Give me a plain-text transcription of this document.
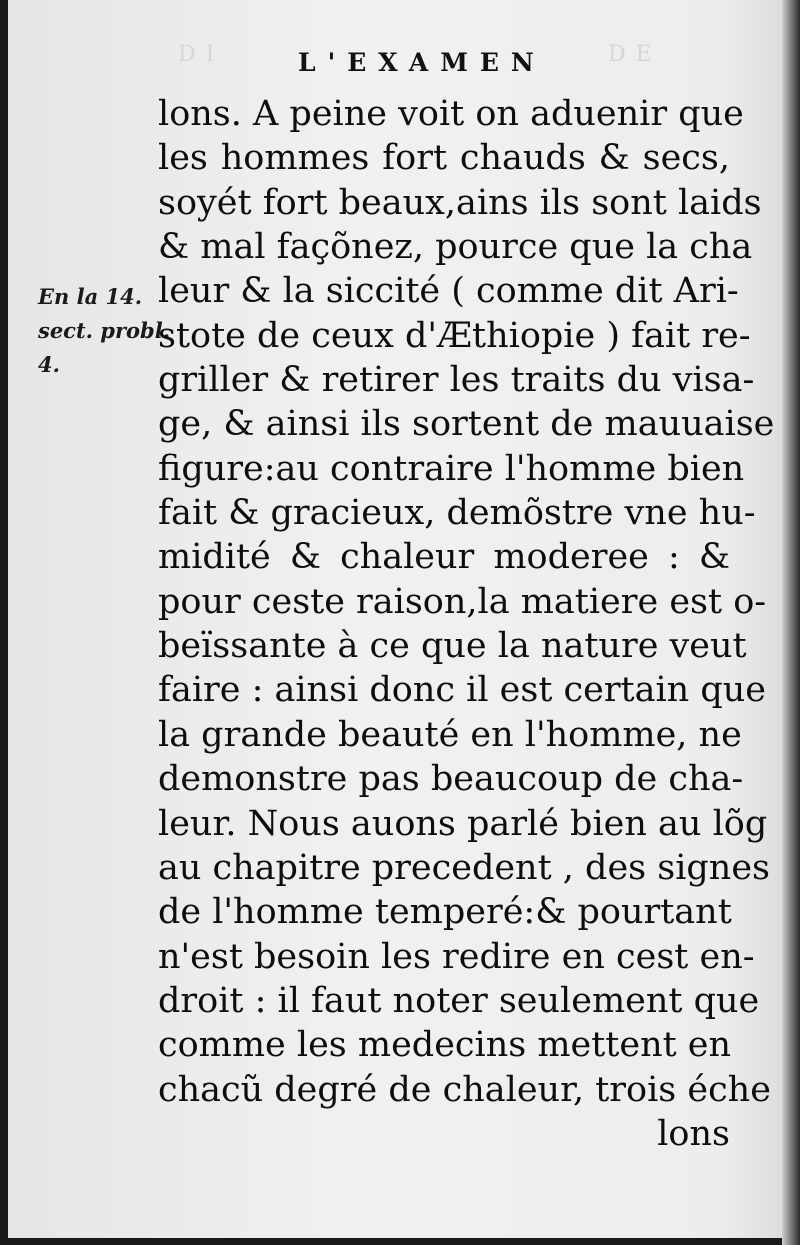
DI	DE
L'EXAMEN
En la 14.
sect. probl.
4.
lons. A peine voit on aduenir que
les hommes fort chauds & secs,
soyét fort beaux,ains ils sont laids
& mal façõnez, pource que la cha
leur & la siccité ( comme dit Ari-
stote de ceux d'Æthiopie ) fait re-
griller & retirer les traits du visa-
ge, & ainsi ils sortent de mauuaise
figure:au contraire l'homme bien
fait & gracieux, demõstre vne hu-
midité & chaleur moderee : &
pour ceste raison,la matiere est o-
beïssante à ce que la nature veut
faire : ainsi donc il est certain que
la grande beauté en l'homme, ne
demonstre pas beaucoup de cha-
leur. Nous auons parlé bien au lõg
au chapitre precedent , des signes
de l'homme temperé:& pourtant
n'est besoin les redire en cest en-
droit : il faut noter seulement que
comme les medecins mettent en
chacũ degré de chaleur, trois éche
lons
